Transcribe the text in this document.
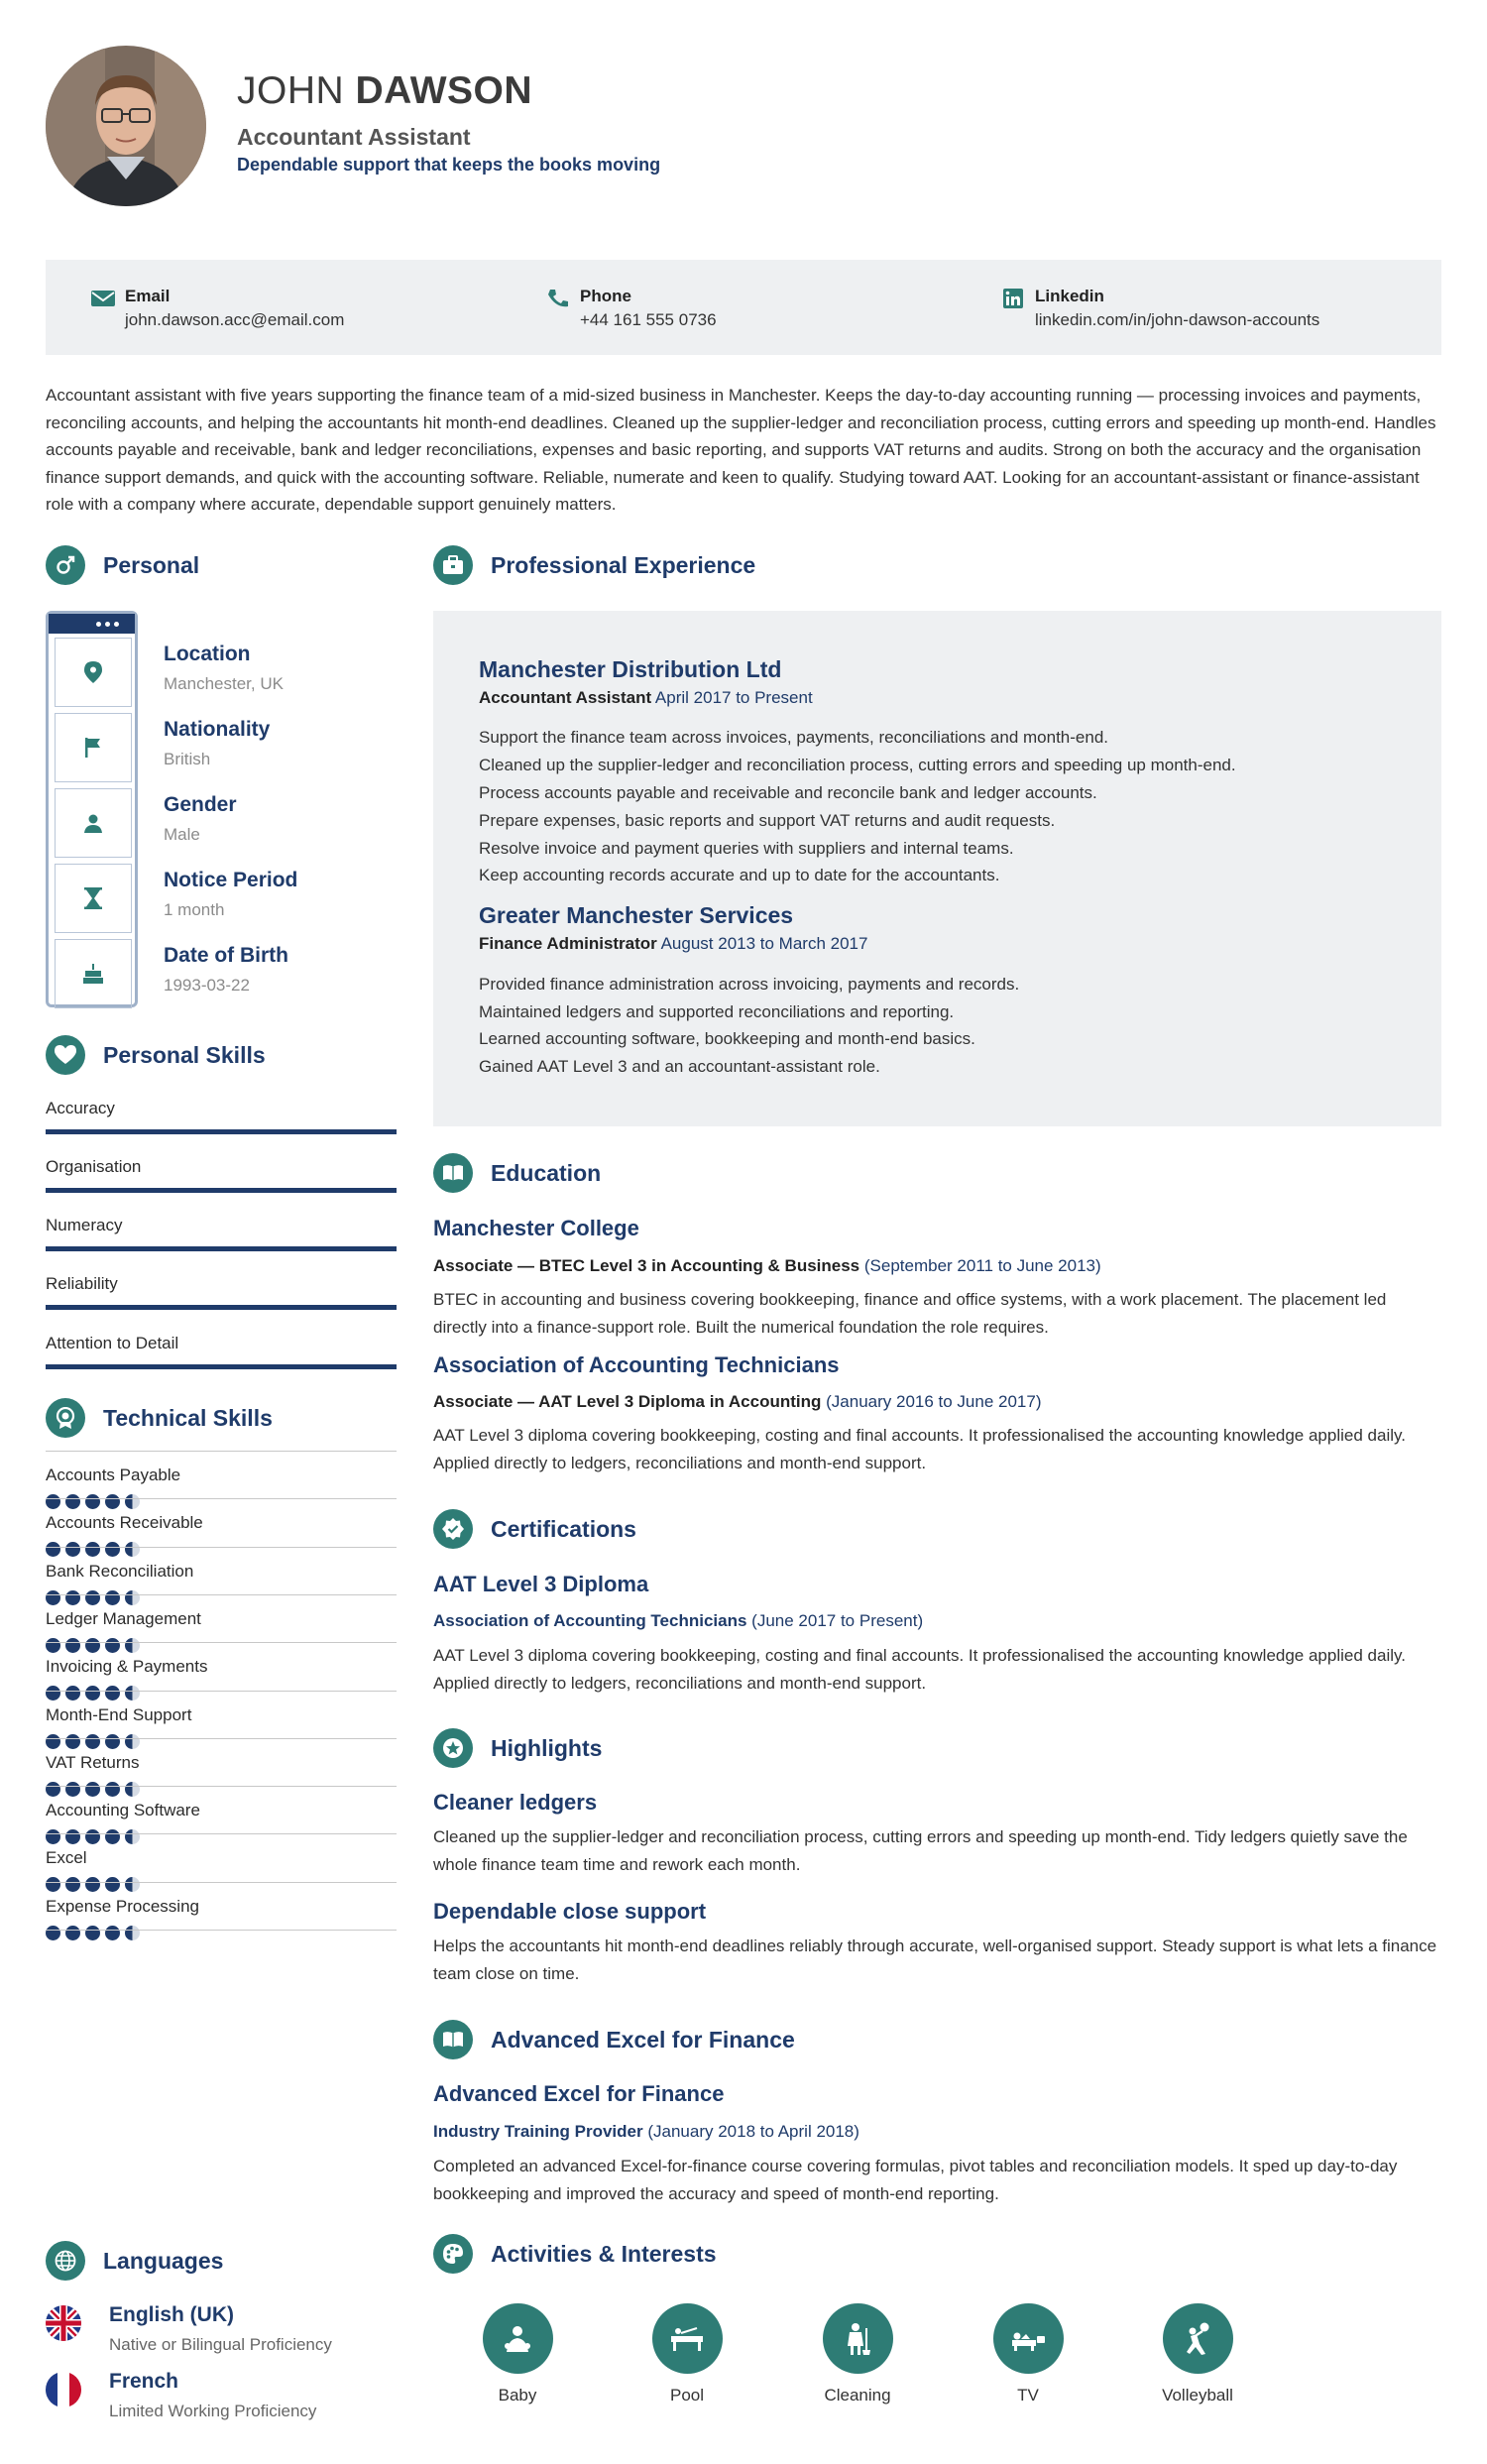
JOHN DAWSON
Accountant Assistant
Dependable support that keeps the books moving
Email
john.dawson.acc@email.com
Phone
+44 161 555 0736
Linkedin
linkedin.com/in/john-dawson-accounts

Accountant assistant with five years supporting the finance team of a mid-sized business in Manchester. Keeps the day-to-day accounting running — processing invoices and payments, reconciling accounts, and helping the accountants hit month-end deadlines. Cleaned up the supplier-ledger and reconciliation process, cutting errors and speeding up month-end. Handles accounts payable and receivable, bank and ledger reconciliations, expenses and basic reporting, and supports VAT returns and audits. Strong on both the accuracy and the organisation finance support demands, and quick with the accounting software. Reliable, numerate and keen to qualify. Studying toward AAT. Looking for an accountant-assistant or finance-assistant role with a company where accurate, dependable support genuinely matters.

Personal
Location
Manchester, UK
Nationality
British
Gender
Male
Notice Period
1 month
Date of Birth
1993-03-22
Personal Skills
Accuracy
Organisation
Numeracy
Reliability
Attention to Detail
Technical Skills
Accounts Payable
Accounts Receivable
Bank Reconciliation
Ledger Management
Invoicing & Payments
Month-End Support
VAT Returns
Accounting Software
Excel
Expense Processing
Languages
English (UK)
Native or Bilingual Proficiency
French
Limited Working Proficiency
Professional Experience
Manchester Distribution Ltd
Accountant Assistant April 2017 to Present
Support the finance team across invoices, payments, reconciliations and month-end.
Cleaned up the supplier-ledger and reconciliation process, cutting errors and speeding up month-end.
Process accounts payable and receivable and reconcile bank and ledger accounts.
Prepare expenses, basic reports and support VAT returns and audit requests.
Resolve invoice and payment queries with suppliers and internal teams.
Keep accounting records accurate and up to date for the accountants.
Greater Manchester Services
Finance Administrator August 2013 to March 2017
Provided finance administration across invoicing, payments and records.
Maintained ledgers and supported reconciliations and reporting.
Learned accounting software, bookkeeping and month-end basics.
Gained AAT Level 3 and an accountant-assistant role.
Education
Manchester College
Associate — BTEC Level 3 in Accounting & Business (September 2011 to June 2013)

BTEC in accounting and business covering bookkeeping, finance and office systems, with a work placement. The placement led directly into a finance-support role. Built the numerical foundation the role requires.

Association of Accounting Technicians
Associate — AAT Level 3 Diploma in Accounting (January 2016 to June 2017)

AAT Level 3 diploma covering bookkeeping, costing and final accounts. It professionalised the accounting knowledge applied daily. Applied directly to ledgers, reconciliations and month-end support.

Certifications
AAT Level 3 Diploma
Association of Accounting Technicians (June 2017 to Present)

AAT Level 3 diploma covering bookkeeping, costing and final accounts. It professionalised the accounting knowledge applied daily. Applied directly to ledgers, reconciliations and month-end support.

Highlights
Cleaner ledgers

Cleaned up the supplier-ledger and reconciliation process, cutting errors and speeding up month-end. Tidy ledgers quietly save the whole finance team time and rework each month.

Dependable close support

Helps the accountants hit month-end deadlines reliably through accurate, well-organised support. Steady support is what lets a finance team close on time.

Advanced Excel for Finance
Advanced Excel for Finance
Industry Training Provider (January 2018 to April 2018)

Completed an advanced Excel-for-finance course covering formulas, pivot tables and reconciliation models. It sped up day-to-day bookkeeping and improved the accuracy and speed of month-end reporting.

Activities & Interests
Baby	Pool	Cleaning	TV	Volleyball
